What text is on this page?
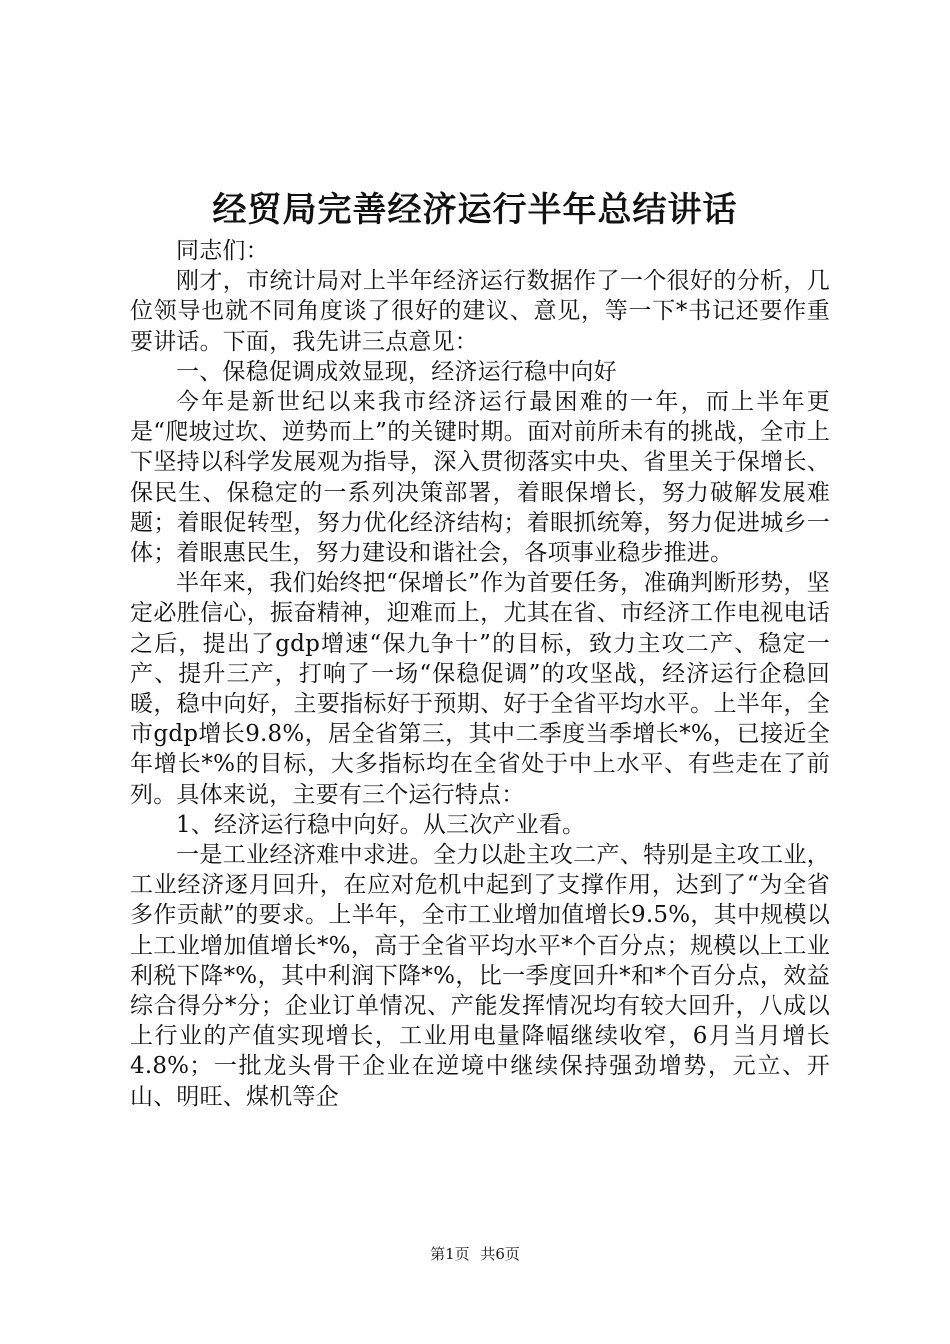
经贸局完善经济运行半年总结讲话

同志们：

刚才，市统计局对上半年经济运行数据作了一个很好的分析，几位领导也就不同角度谈了很好的建议、意见，等一下*书记还要作重要讲话。下面，我先讲三点意见：

一、保稳促调成效显现，经济运行稳中向好

今年是新世纪以来我市经济运行最困难的一年，而上半年更是“爬坡过坎、逆势而上”的关键时期。面对前所未有的挑战，全市上下坚持以科学发展观为指导，深入贯彻落实中央、省里关于保增长、保民生、保稳定的一系列决策部署，着眼保增长，努力破解发展难题；着眼促转型，努力优化经济结构；着眼抓统筹，努力促进城乡一体；着眼惠民生，努力建设和谐社会，各项事业稳步推进。

半年来，我们始终把“保增长”作为首要任务，准确判断形势，坚定必胜信心，振奋精神，迎难而上，尤其在省、市经济工作电视电话之后，提出了gdp增速“保九争十”的目标，致力主攻二产、稳定一产、提升三产，打响了一场“保稳促调”的攻坚战，经济运行企稳回暖，稳中向好，主要指标好于预期、好于全省平均水平。上半年，全市gdp增长9.8%，居全省第三，其中二季度当季增长*%，已接近全年增长*%的目标，大多指标均在全省处于中上水平、有些走在了前列。具体来说，主要有三个运行特点：

1、经济运行稳中向好。从三次产业看。

一是工业经济难中求进。全力以赴主攻二产、特别是主攻工业，工业经济逐月回升，在应对危机中起到了支撑作用，达到了“为全省多作贡献”的要求。上半年，全市工业增加值增长9.5%，其中规模以上工业增加值增长*%，高于全省平均水平*个百分点；规模以上工业利税下降*%，其中利润下降*%，比一季度回升*和*个百分点，效益综合得分*分；企业订单情况、产能发挥情况均有较大回升，八成以上行业的产值实现增长，工业用电量降幅继续收窄，6月当月增长4.8%；一批龙头骨干企业在逆境中继续保持强劲增势，元立、开山、明旺、煤机等企

第1页 共6页
